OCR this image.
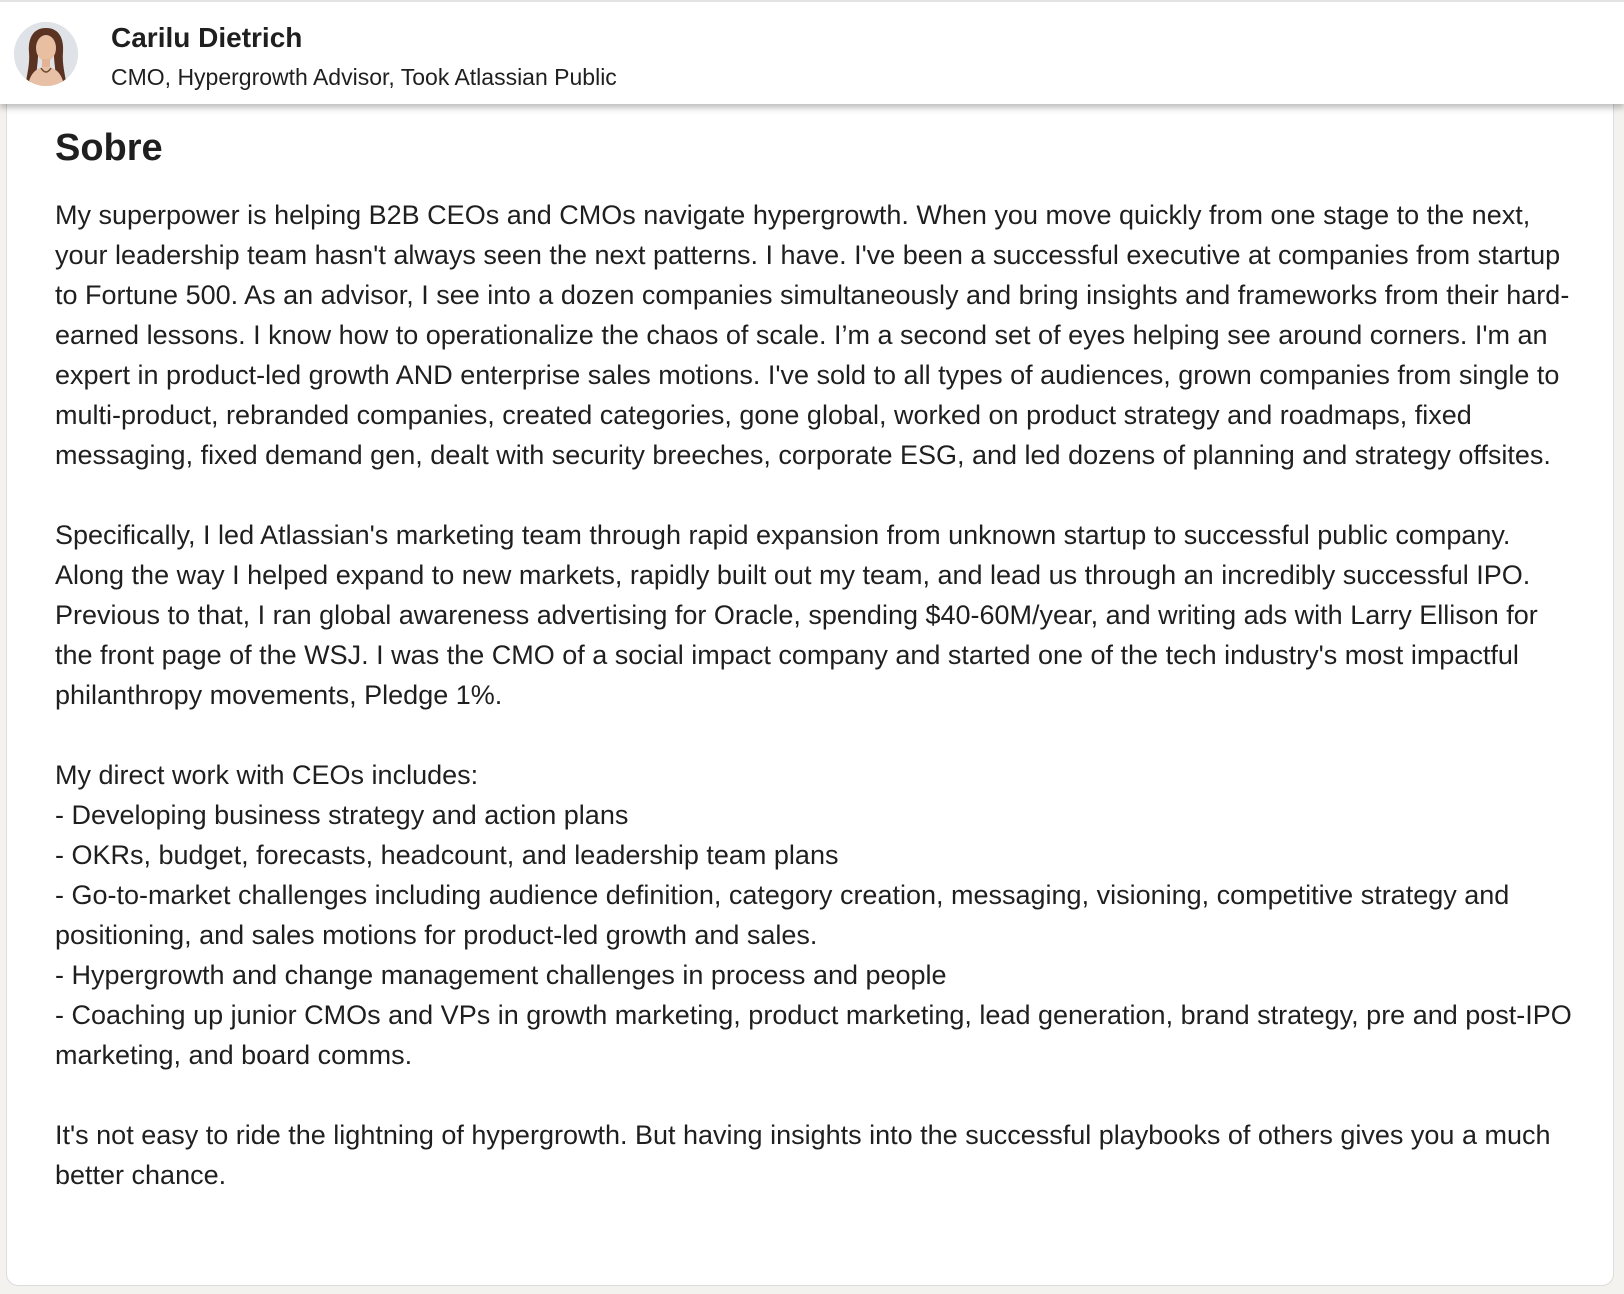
Sobre

My superpower is helping B2B CEOs and CMOs navigate hypergrowth. When you move quickly from one stage to the next, your leadership team hasn't always seen the next patterns. I have. I've been a successful executive at companies from startup to Fortune 500. As an advisor, I see into a dozen companies simultaneously and bring insights and frameworks from their hard-earned lessons. I know how to operationalize the chaos of scale. I’m a second set of eyes helping see around corners. I'm an expert in product-led growth AND enterprise sales motions. I've sold to all types of audiences, grown companies from single to multi-product, rebranded companies, created categories, gone global, worked on product strategy and roadmaps, fixed messaging, fixed demand gen, dealt with security breeches, corporate ESG, and led dozens of planning and strategy offsites.

Specifically, I led Atlassian's marketing team through rapid expansion from unknown startup to successful public company. Along the way I helped expand to new markets, rapidly built out my team, and lead us through an incredibly successful IPO. Previous to that, I ran global awareness advertising for Oracle, spending $40-60M/year, and writing ads with Larry Ellison for the front page of the WSJ. I was the CMO of a social impact company and started one of the tech industry's most impactful philanthropy movements, Pledge 1%.

My direct work with CEOs includes:
- Developing business strategy and action plans
- OKRs, budget, forecasts, headcount, and leadership team plans
- Go-to-market challenges including audience definition, category creation, messaging, visioning, competitive strategy and positioning, and sales motions for product-led growth and sales.
- Hypergrowth and change management challenges in process and people
- Coaching up junior CMOs and VPs in growth marketing, product marketing, lead generation, brand strategy, pre and post-IPO marketing, and board comms.

It's not easy to ride the lightning of hypergrowth. But having insights into the successful playbooks of others gives you a much better chance.

Carilu Dietrich
CMO, Hypergrowth Advisor, Took Atlassian Public
